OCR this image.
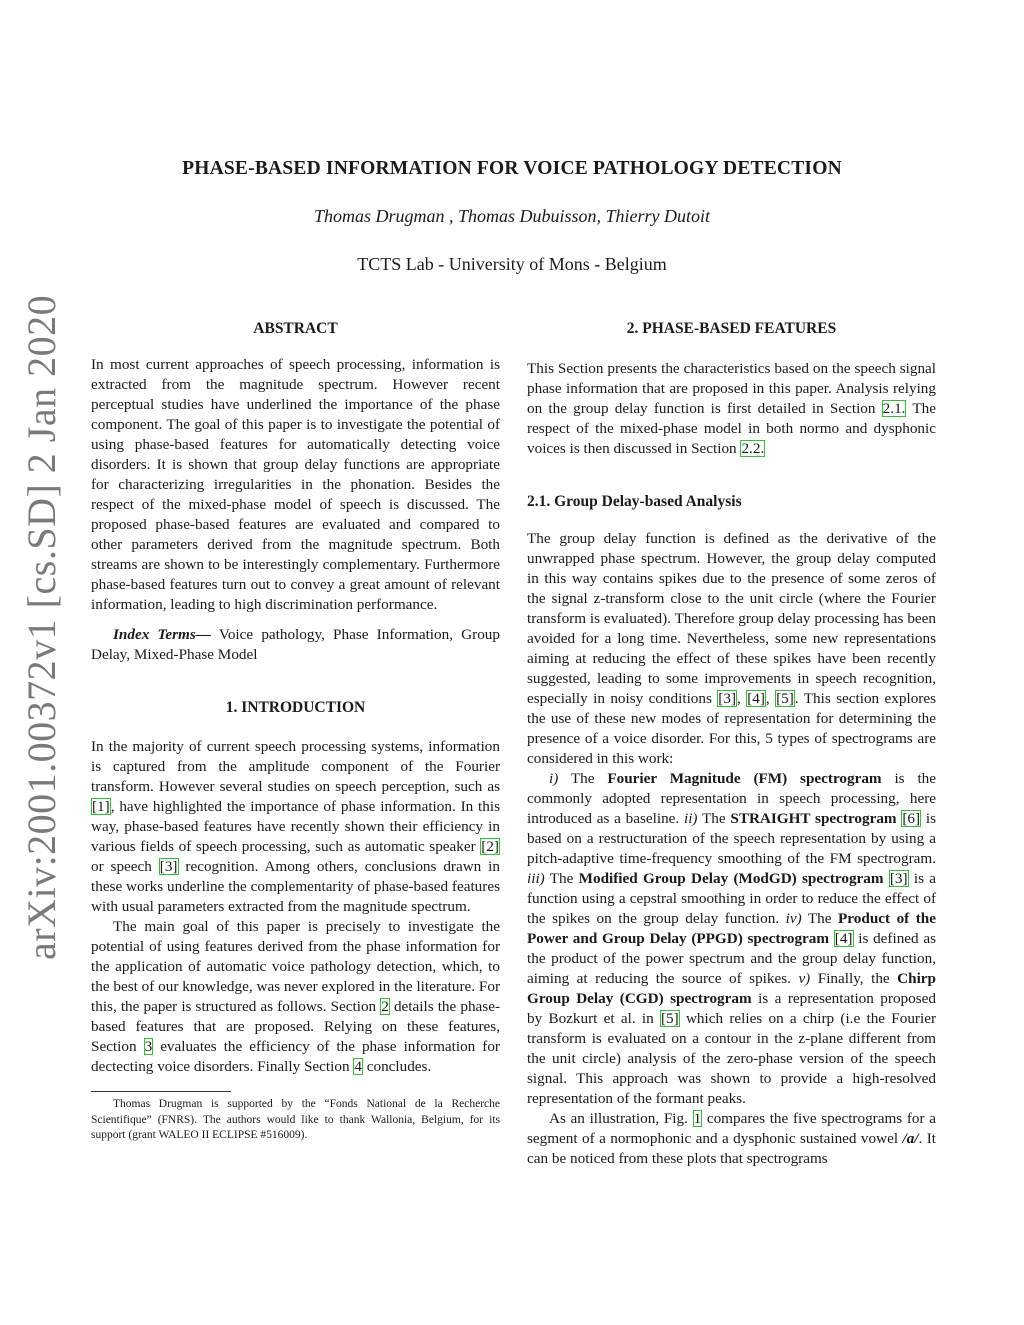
arXiv:2001.00372v1 [cs.SD] 2 Jan 2020
PHASE-BASED INFORMATION FOR VOICE PATHOLOGY DETECTION
Thomas Drugman , Thomas Dubuisson, Thierry Dutoit
TCTS Lab - University of Mons - Belgium
ABSTRACT

In most current approaches of speech processing, information is extracted from the magnitude spectrum. However recent perceptual studies have underlined the importance of the phase component. The goal of this paper is to investigate the potential of using phase-based features for automatically detecting voice disorders. It is shown that group delay functions are appropriate for characterizing irregularities in the phonation. Besides the respect of the mixed-phase model of speech is discussed. The proposed phase-based features are evaluated and compared to other parameters derived from the magnitude spectrum. Both streams are shown to be interestingly complementary. Furthermore phase-based features turn out to convey a great amount of relevant information, leading to high discrimination performance.

Index Terms— Voice pathology, Phase Information, Group Delay, Mixed-Phase Model

1. INTRODUCTION

In the majority of current speech processing systems, information is captured from the amplitude component of the Fourier transform. However several studies on speech perception, such as [1], have highlighted the importance of phase information. In this way, phase-based features have recently shown their efficiency in various fields of speech processing, such as automatic speaker [2] or speech [3] recognition. Among others, conclusions drawn in these works underline the complementarity of phase-based features with usual parameters extracted from the magnitude spectrum.

The main goal of this paper is precisely to investigate the potential of using features derived from the phase information for the application of automatic voice pathology detection, which, to the best of our knowledge, was never explored in the literature. For this, the paper is structured as follows. Section 2 details the phase-based features that are proposed. Relying on these features, Section 3 evaluates the efficiency of the phase information for dectecting voice disorders. Finally Section 4 concludes.

Thomas Drugman is supported by the “Fonds National de la Recherche Scientifique” (FNRS). The authors would like to thank Wallonia, Belgium, for its support (grant WALEO II ECLIPSE #516009).
2. PHASE-BASED FEATURES

This Section presents the characteristics based on the speech signal phase information that are proposed in this paper. Analysis relying on the group delay function is first detailed in Section 2.1. The respect of the mixed-phase model in both normo and dysphonic voices is then discussed in Section 2.2.

2.1. Group Delay-based Analysis

The group delay function is defined as the derivative of the unwrapped phase spectrum. However, the group delay computed in this way contains spikes due to the presence of some zeros of the signal z-transform close to the unit circle (where the Fourier transform is evaluated). Therefore group delay processing has been avoided for a long time. Nevertheless, some new representations aiming at reducing the effect of these spikes have been recently suggested, leading to some improvements in speech recognition, especially in noisy conditions [3], [4], [5]. This section explores the use of these new modes of representation for determining the presence of a voice disorder. For this, 5 types of spectrograms are considered in this work:

i) The Fourier Magnitude (FM) spectrogram is the commonly adopted representation in speech processing, here introduced as a baseline. ii) The STRAIGHT spectrogram [6] is based on a restructuration of the speech representation by using a pitch-adaptive time-frequency smoothing of the FM spectrogram. iii) The Modified Group Delay (ModGD) spectrogram [3] is a function using a cepstral smoothing in order to reduce the effect of the spikes on the group delay function. iv) The Product of the Power and Group Delay (PPGD) spectrogram [4] is defined as the product of the power spectrum and the group delay function, aiming at reducing the source of spikes. v) Finally, the Chirp Group Delay (CGD) spectrogram is a representation proposed by Bozkurt et al. in [5] which relies on a chirp (i.e the Fourier transform is evaluated on a contour in the z-plane different from the unit circle) analysis of the zero-phase version of the speech signal. This approach was shown to provide a high-resolved representation of the formant peaks.

As an illustration, Fig. 1 compares the five spectrograms for a segment of a normophonic and a dysphonic sustained vowel /a/. It can be noticed from these plots that spectrograms
